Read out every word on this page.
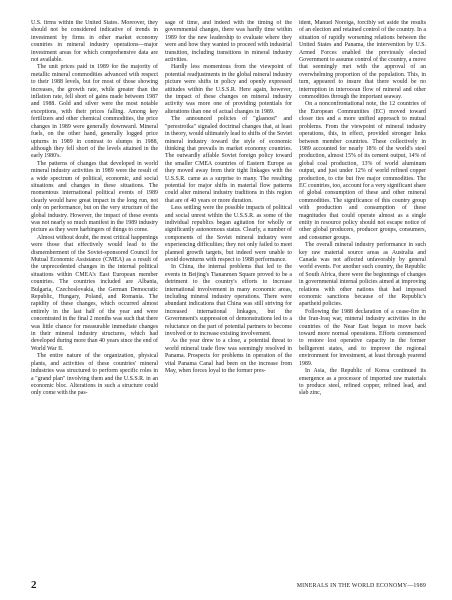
U.S. firms within the United States. Moreover, they should not be considered indicative of trends in investment by firms in other market economy countries in mineral industry operations—major investment areas for which comprehensive data are not available.

The unit prices paid in 1989 for the majority of metallic mineral commodities advanced with respect to their 1988 levels, but for most of those showing increases, the growth rate, while greater than the inflation rate, fell short of gains made between 1987 and 1988. Gold and silver were the most notable exceptions, with their prices falling. Among key fertilizers and other chemical commodities, the price changes in 1989 were generally downward. Mineral fuels, on the other hand, generally logged price upturns in 1989 in contrast to slumps in 1988, although they fell short of the levels attained in the early 1980's.

The patterns of changes that developed in world mineral industry activities in 1989 were the result of a wide spectrum of political, economic, and social situations and changes in these situations. The momentous international political events of 1989 clearly would have great impact in the long run, not only on performance, but on the very structure of the global industry. However, the impact of these events was not nearly so much manifest in the 1989 industry picture as they were harbingers of things to come.

Almost without doubt, the most critical happenings were those that effectively would lead to the dismemberment of the Soviet-sponsored Council for Mutual Economic Assistance (CMEA) as a result of the unprecedented changes in the internal political situations within CMEA's East European member countries. The countries included are Albania, Bulgaria, Czechoslovakia, the German Democratic Republic, Hungary, Poland, and Romania. The rapidity of these changes, which occurred almost entirely in the last half of the year and were concentrated in the final 2 months was such that there was little chance for measurable immediate changes in their mineral industry structures, which had developed during more than 40 years since the end of World War II.

The entire nature of the organization, physical plants, and activities of these countries' mineral industries was structured to perform specific roles in a "grand plan" involving them and the U.S.S.R. in an economic bloc. Alterations in such a structure could only come with the pas-

sage of time, and indeed with the timing of the governmental changes, there was hardly time within 1989 for the new leadership to evaluate where they were and how they wanted to proceed with industrial transition, including transitions in mineral industry activities.

Hardly less momentous from the viewpoint of potential readjustments in the global mineral industry picture were shifts in policy and openly expressed attitudes within the U.S.S.R. Here again, however, the impact of these changes on mineral industry activity was more one of providing potentials for alterations than one of actual changes in 1989.

The announced policies of "glasnost" and "perestroika" signaled doctrinal changes that, at least in theory, would ultimately lead to shifts of the Soviet mineral industry toward the style of economic thinking that prevails in market economy countries. The outwardly affable Soviet foreign policy toward the smaller CMEA countries of Eastern Europe as they moved away from their tight linkages with the U.S.S.R. came as a surprise to many. The resulting potential for major shifts in material flow patterns could alter mineral industry traditions in this region that are of 40 years or more duration.

Less settling were the possible impacts of political and social unrest within the U.S.S.R. as some of the individual republics began agitation for wholly or significantly autonomous status. Clearly, a number of components of the Soviet mineral industry were experiencing difficulties; they not only failed to meet planned growth targets, but indeed were unable to avoid downturns with respect to 1988 performance.

In China, the internal problems that led to the events in Beijing's Tiananmen Square proved to be a detriment to the country's efforts to increase international involvement in many economic areas, including mineral industry operations. There were abundant indications that China was still striving for increased international linkages, but the Government's suppression of demonstrations led to a reluctance on the part of potential partners to become involved or to increase existing involvement.

As the year drew to a close, a potential threat to world mineral trade flow was seemingly resolved in Panama. Prospects for problems in operation of the vital Panama Canal had been on the increase from May, when forces loyal to the former pres-

ident, Manuel Noreiga, forcibly set aside the results of an election and retained control of the country. In a situation of rapidly worsening relations between the United States and Panama, the intervention by U.S. Armed Forces enabled the previously elected Government to assume control of the country, a move that seemingly met with the approval of an overwhelming proportion of the population. This, in turn, appeared to insure that there would be no interruption in interocean flow of mineral and other commodities through the important seaway.

On a nonconfrontational note, the 12 countries of the European Communities (EC) moved toward closer ties and a more unified approach to mutual problems. From the viewpoint of mineral industry operations, this, in effect, provided stronger links between member countries. These collectively in 1989 accounted for nearly 18% of the world's steel production, almost 15% of its cement output, 14% of global coal production, 13% of world aluminum output, and just under 12% of world refined copper production, to cite but five major commodities. The EC countries, too, account for a very significant share of global consumption of these and other mineral commodities. The significance of this country group with production and consumption of these magnitudes that could operate almost as a single entity in resource policy should not escape notice of other global producers, producer groups, consumers, and consumer groups.

The overall mineral industry performance in such key raw material source areas as Australia and Canada was not affected unfavorably by general world events. For another such country, the Republic of South Africa, there were the beginnings of changes in governmental internal policies aimed at improving relations with other nations that had imposed economic sanctions because of the Republic's apartheid policies.

Following the 1988 declaration of a cease-fire in the Iran-Iraq war, mineral industry activities in the countries of the Near East began to move back toward more normal operations. Efforts commenced to restore lost operative capacity in the former belligerent states, and to improve the regional environment for investment, at least through yearend 1989.

In Asia, the Republic of Korea continued its emergence as a processor of imported raw materials to produce steel, refined copper, refined lead, and slab zinc,

2	MINERALS IN THE WORLD ECONOMY—1989
